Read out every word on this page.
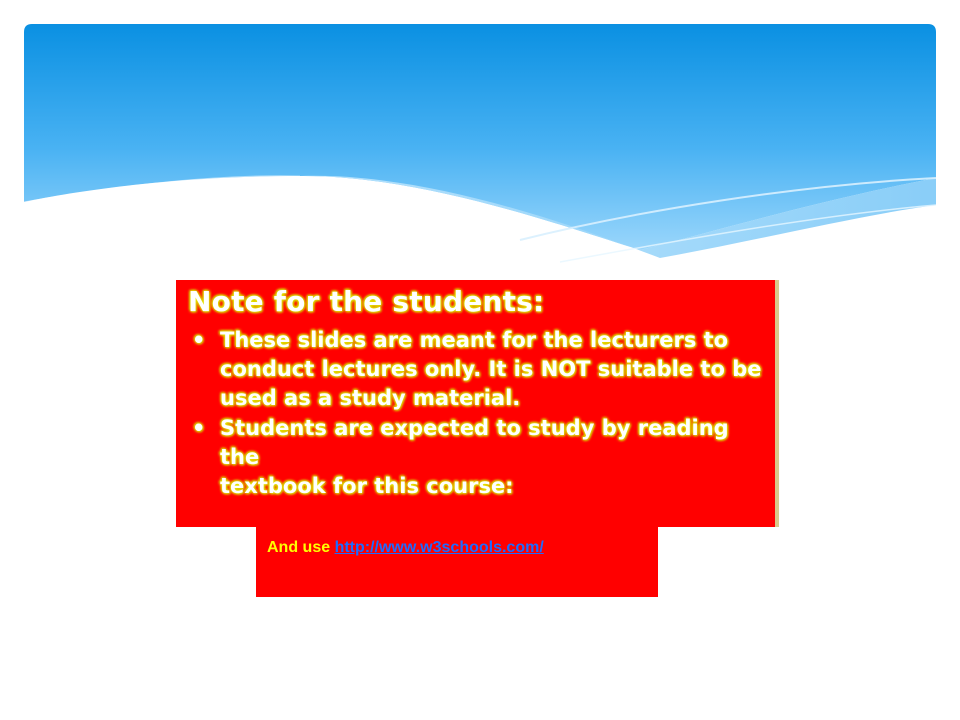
Note for the students:
• These slides are meant for the lecturers to
conduct lectures only. It is NOT suitable to be
used as a study material.
• Students are expected to study by reading the
textbook for this course:
And use http://www.w3schools.com/
